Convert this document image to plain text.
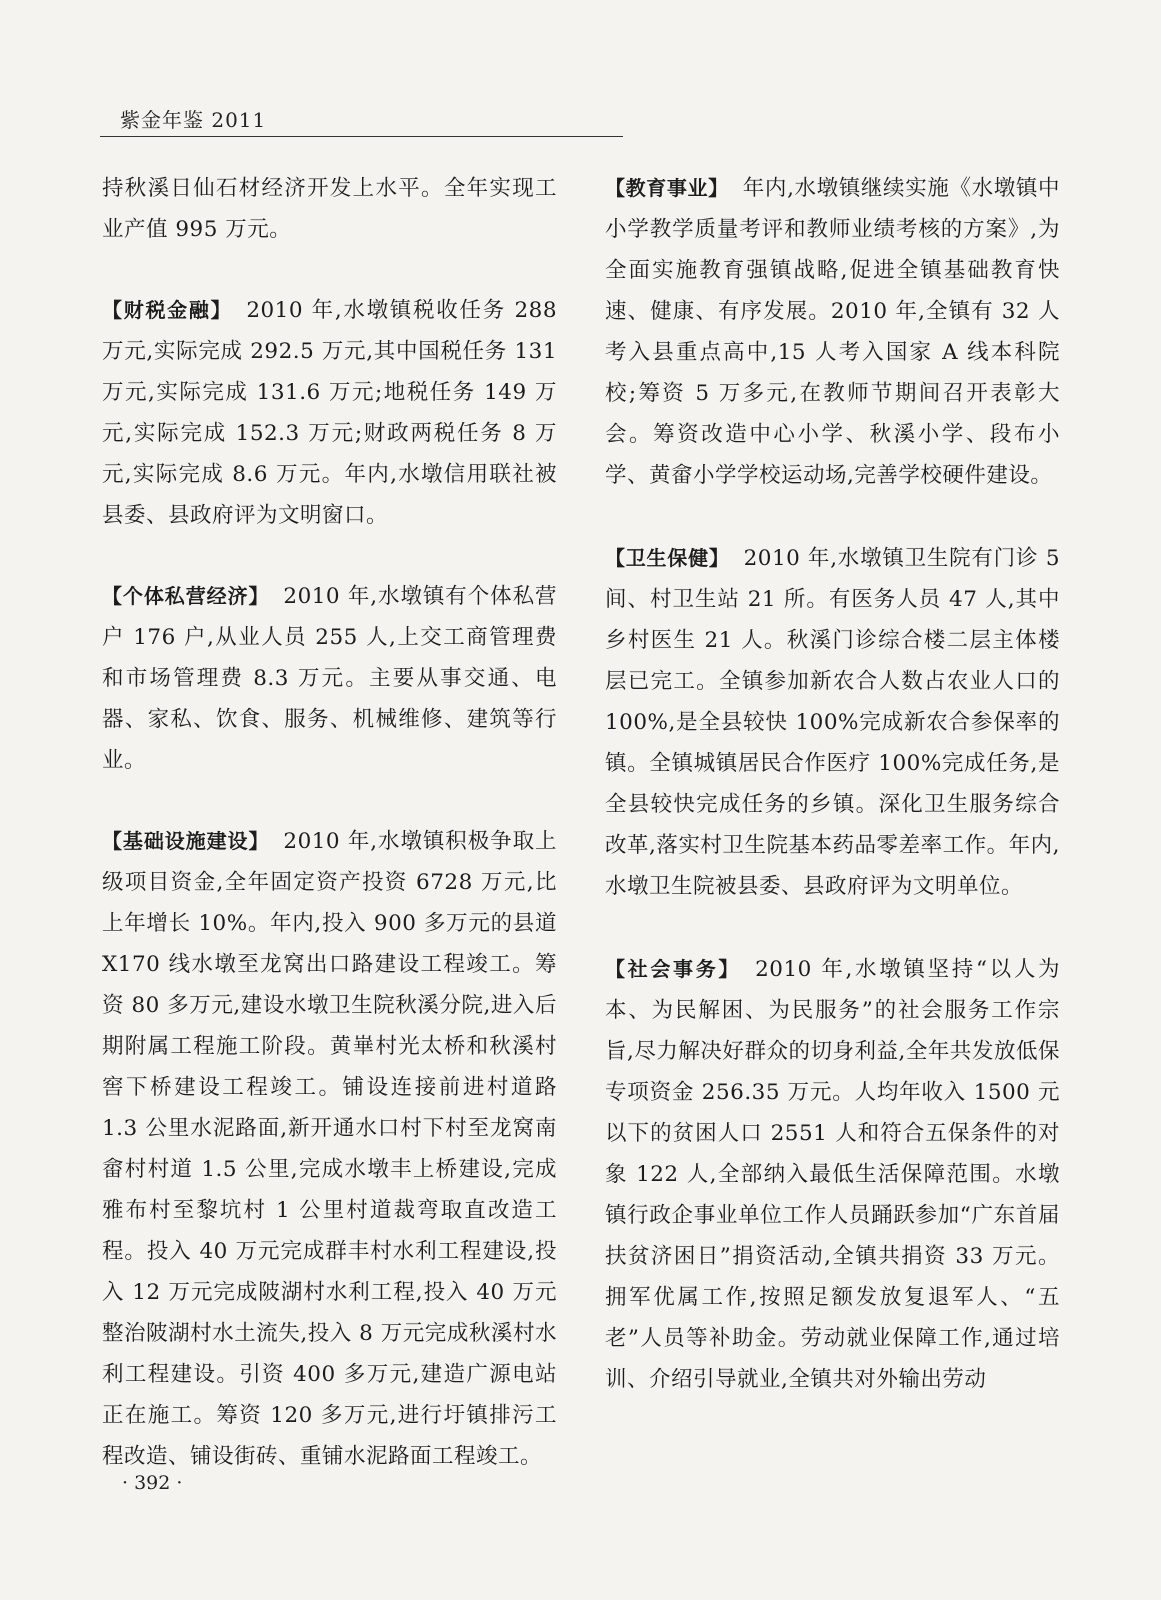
紫金年鉴 2011

持秋溪日仙石材经济开发上水平。全年实现工业产值 995 万元。

【财税金融】 2010 年,水墩镇税收任务 288 万元,实际完成 292.5 万元,其中国税任务 131 万元,实际完成 131.6 万元;地税任务 149 万元,实际完成 152.3 万元;财政两税任务 8 万元,实际完成 8.6 万元。年内,水墩信用联社被县委、县政府评为文明窗口。

【个体私营经济】 2010 年,水墩镇有个体私营户 176 户,从业人员 255 人,上交工商管理费和市场管理费 8.3 万元。主要从事交通、电器、家私、饮食、服务、机械维修、建筑等行业。

【基础设施建设】 2010 年,水墩镇积极争取上级项目资金,全年固定资产投资 6728 万元,比上年增长 10%。年内,投入 900 多万元的县道 X170 线水墩至龙窝出口路建设工程竣工。筹资 80 多万元,建设水墩卫生院秋溪分院,进入后期附属工程施工阶段。黄崋村光太桥和秋溪村窖下桥建设工程竣工。铺设连接前进村道路 1.3 公里水泥路面,新开通水口村下村至龙窝南畲村村道 1.5 公里,完成水墩丰上桥建设,完成雅布村至黎坑村 1 公里村道裁弯取直改造工程。投入 40 万元完成群丰村水利工程建设,投入 12 万元完成陂湖村水利工程,投入 40 万元整治陂湖村水土流失,投入 8 万元完成秋溪村水利工程建设。引资 400 多万元,建造广源电站正在施工。筹资 120 多万元,进行圩镇排污工程改造、铺设街砖、重铺水泥路面工程竣工。

【教育事业】 年内,水墩镇继续实施《水墩镇中小学教学质量考评和教师业绩考核的方案》,为全面实施教育强镇战略,促进全镇基础教育快速、健康、有序发展。2010 年,全镇有 32 人考入县重点高中,15 人考入国家 A 线本科院校;筹资 5 万多元,在教师节期间召开表彰大会。筹资改造中心小学、秋溪小学、段布小学、黄畲小学学校运动场,完善学校硬件建设。

【卫生保健】 2010 年,水墩镇卫生院有门诊 5 间、村卫生站 21 所。有医务人员 47 人,其中乡村医生 21 人。秋溪门诊综合楼二层主体楼层已完工。全镇参加新农合人数占农业人口的 100%,是全县较快 100%完成新农合参保率的镇。全镇城镇居民合作医疗 100%完成任务,是全县较快完成任务的乡镇。深化卫生服务综合改革,落实村卫生院基本药品零差率工作。年内,水墩卫生院被县委、县政府评为文明单位。

【社会事务】 2010 年,水墩镇坚持“以人为本、为民解困、为民服务”的社会服务工作宗旨,尽力解决好群众的切身利益,全年共发放低保专项资金 256.35 万元。人均年收入 1500 元以下的贫困人口 2551 人和符合五保条件的对象 122 人,全部纳入最低生活保障范围。水墩镇行政企事业单位工作人员踊跃参加“广东首届扶贫济困日”捐资活动,全镇共捐资 33 万元。拥军优属工作,按照足额发放复退军人、“五老”人员等补助金。劳动就业保障工作,通过培训、介绍引导就业,全镇共对外输出劳动

· 392 ·
